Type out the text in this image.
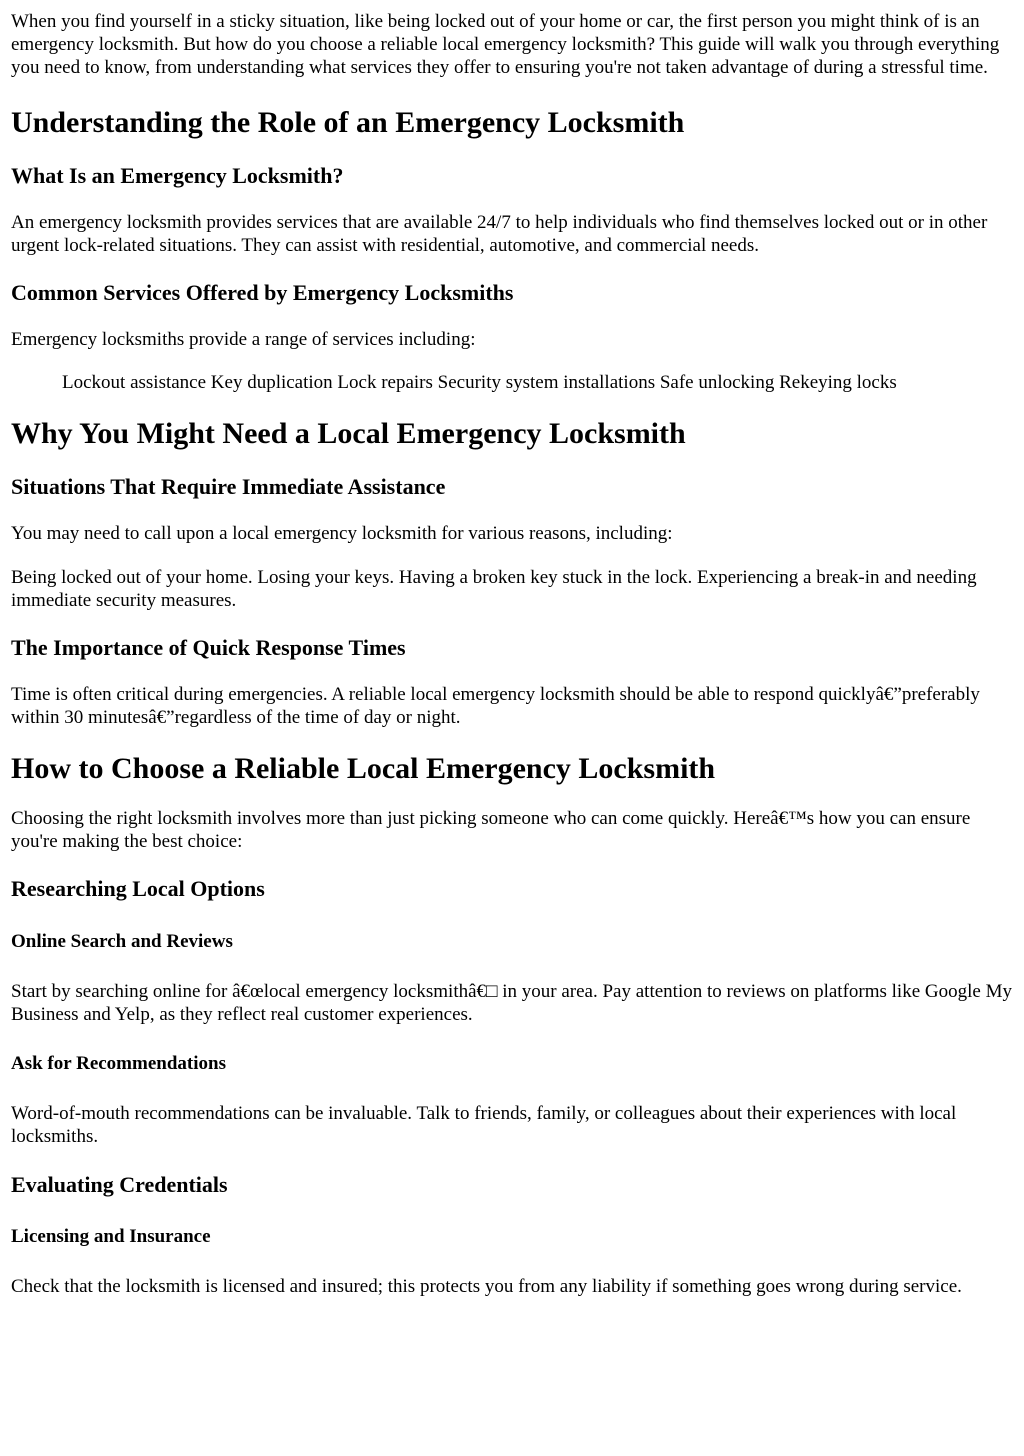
When you find yourself in a sticky situation, like being locked out of your home or car, the first person you might think of is an emergency locksmith. But how do you choose a reliable local emergency locksmith? This guide will walk you through everything you need to know, from understanding what services they offer to ensuring you're not taken advantage of during a stressful time.

Understanding the Role of an Emergency Locksmith
What Is an Emergency Locksmith?

An emergency locksmith provides services that are available 24/7 to help individuals who find themselves locked out or in other urgent lock-related situations. They can assist with residential, automotive, and commercial needs.

Common Services Offered by Emergency Locksmiths

Emergency locksmiths provide a range of services including:

Lockout assistance Key duplication Lock repairs Security system installations Safe unlocking Rekeying locks

Why You Might Need a Local Emergency Locksmith
Situations That Require Immediate Assistance

You may need to call upon a local emergency locksmith for various reasons, including:

Being locked out of your home. Losing your keys. Having a broken key stuck in the lock. Experiencing a break-in and needing immediate security measures.

The Importance of Quick Response Times

Time is often critical during emergencies. A reliable local emergency locksmith should be able to respond quicklyâ€”preferably within 30 minutesâ€”regardless of the time of day or night.

How to Choose a Reliable Local Emergency Locksmith

Choosing the right locksmith involves more than just picking someone who can come quickly. Hereâ€™s how you can ensure you're making the best choice:

Researching Local Options
Online Search and Reviews

Start by searching online for â€œlocal emergency locksmithâ€□ in your area. Pay attention to reviews on platforms like Google My Business and Yelp, as they reflect real customer experiences.

Ask for Recommendations

Word-of-mouth recommendations can be invaluable. Talk to friends, family, or colleagues about their experiences with local locksmiths.

Evaluating Credentials
Licensing and Insurance

Check that the locksmith is licensed and insured; this protects you from any liability if something goes wrong during service.
